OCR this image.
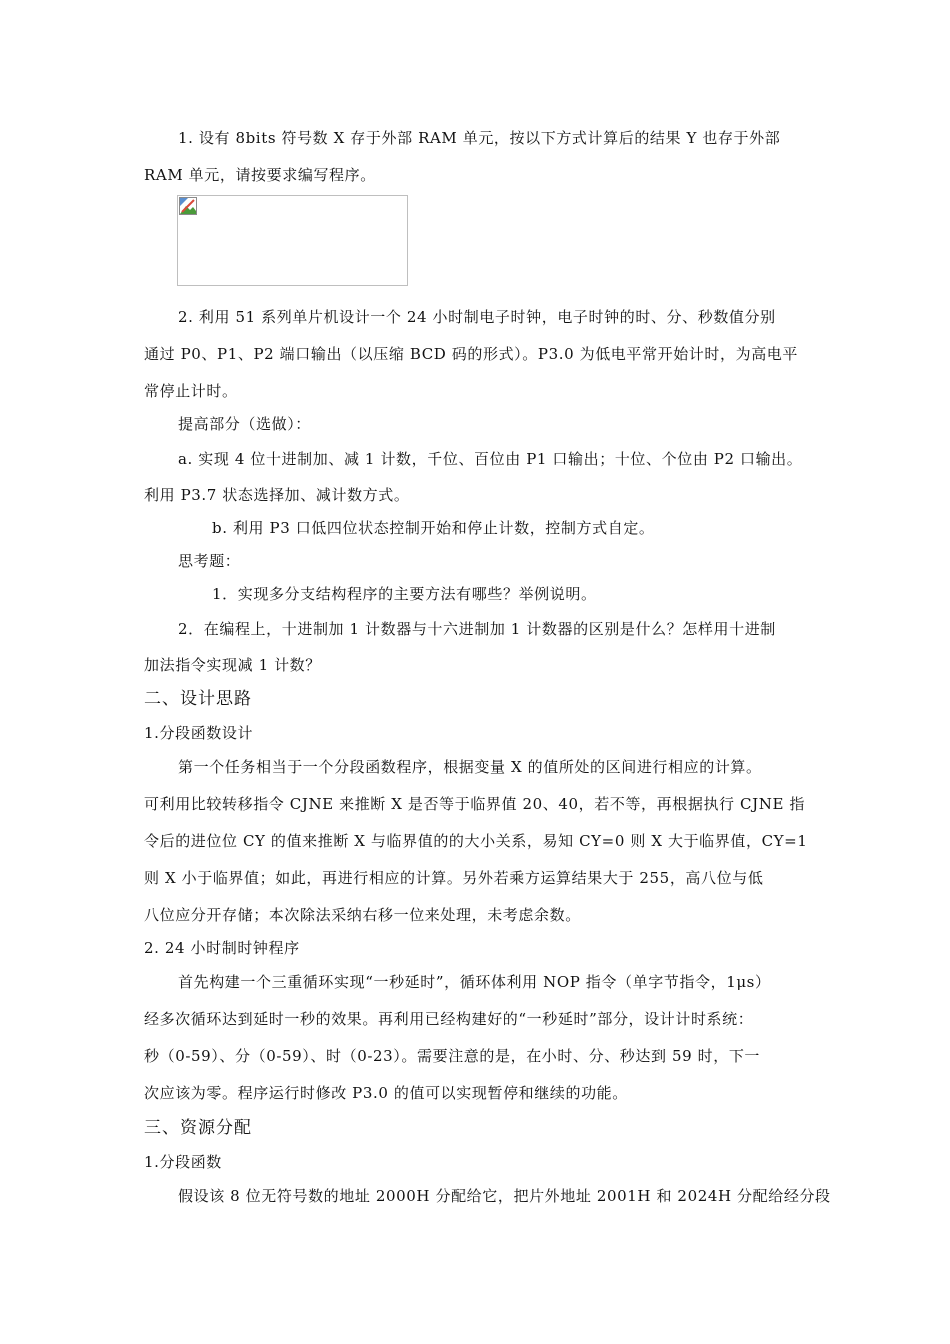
1. 设有 8bits 符号数 X 存于外部 RAM 单元，按以下方式计算后的结果 Y 也存于外部
RAM 单元，请按要求编写程序。
2. 利用 51 系列单片机设计一个 24 小时制电子时钟，电子时钟的时、分、秒数值分别
通过 P0、P1、P2 端口输出（以压缩 BCD 码的形式）。P3.0 为低电平常开始计时，为高电平
常停止计时。
提高部分（选做）：
a. 实现 4 位十进制加、减 1 计数，千位、百位由 P1 口输出；十位、个位由 P2 口输出。
利用 P3.7 状态选择加、减计数方式。
b. 利用 P3 口低四位状态控制开始和停止计数，控制方式自定。
思考题：
1．实现多分支结构程序的主要方法有哪些？举例说明。
2．在编程上，十进制加 1 计数器与十六进制加 1 计数器的区别是什么？怎样用十进制
加法指令实现减 1 计数？
二、设计思路
1.分段函数设计
第一个任务相当于一个分段函数程序，根据变量 X 的值所处的区间进行相应的计算。
可利用比较转移指令 CJNE 来推断 X 是否等于临界值 20、40，若不等，再根据执行 CJNE 指
令后的进位位 CY 的值来推断 X 与临界值的的大小关系，易知 CY=0 则 X 大于临界值，CY=1
则 X 小于临界值；如此，再进行相应的计算。另外若乘方运算结果大于 255，高八位与低
八位应分开存储；本次除法采纳右移一位来处理，未考虑余数。
2. 24 小时制时钟程序
首先构建一个三重循环实现“一秒延时”，循环体利用 NOP 指令（单字节指令，1μs）
经多次循环达到延时一秒的效果。再利用已经构建好的“一秒延时”部分，设计计时系统：
秒（0-59）、分（0-59）、时（0-23）。需要注意的是，在小时、分、秒达到 59 时，下一
次应该为零。程序运行时修改 P3.0 的值可以实现暂停和继续的功能。
三、资源分配
1.分段函数
假设该 8 位无符号数的地址 2000H 分配给它，把片外地址 2001H 和 2024H 分配给经分段
